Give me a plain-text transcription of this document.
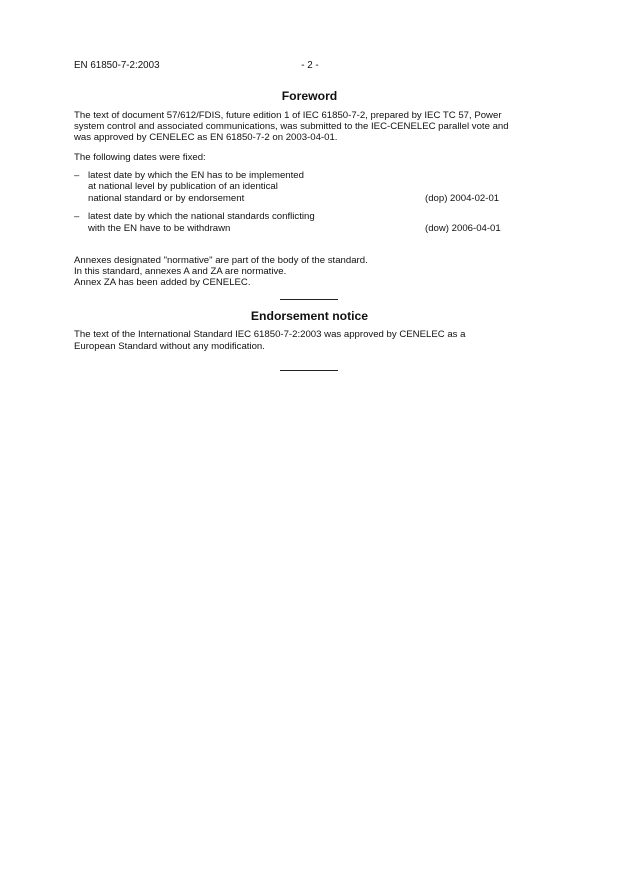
EN 61850-7-2:2003	- 2 -
Foreword
The text of document 57/612/FDIS, future edition 1 of IEC 61850-7-2, prepared by IEC TC 57, Power
system control and associated communications, was submitted to the IEC-CENELEC parallel vote and
was approved by CENELEC as EN 61850-7-2 on 2003-04-01.
The following dates were fixed:
– latest date by which the EN has to be implemented
at national level by publication of an identical
national standard or by endorsement	(dop) 2004-02-01
– latest date by which the national standards conflicting
with the EN have to be withdrawn	(dow) 2006-04-01
Annexes designated "normative" are part of the body of the standard.
In this standard, annexes A and ZA are normative.
Annex ZA has been added by CENELEC.
Endorsement notice
The text of the International Standard IEC 61850-7-2:2003 was approved by CENELEC as a
European Standard without any modification.
